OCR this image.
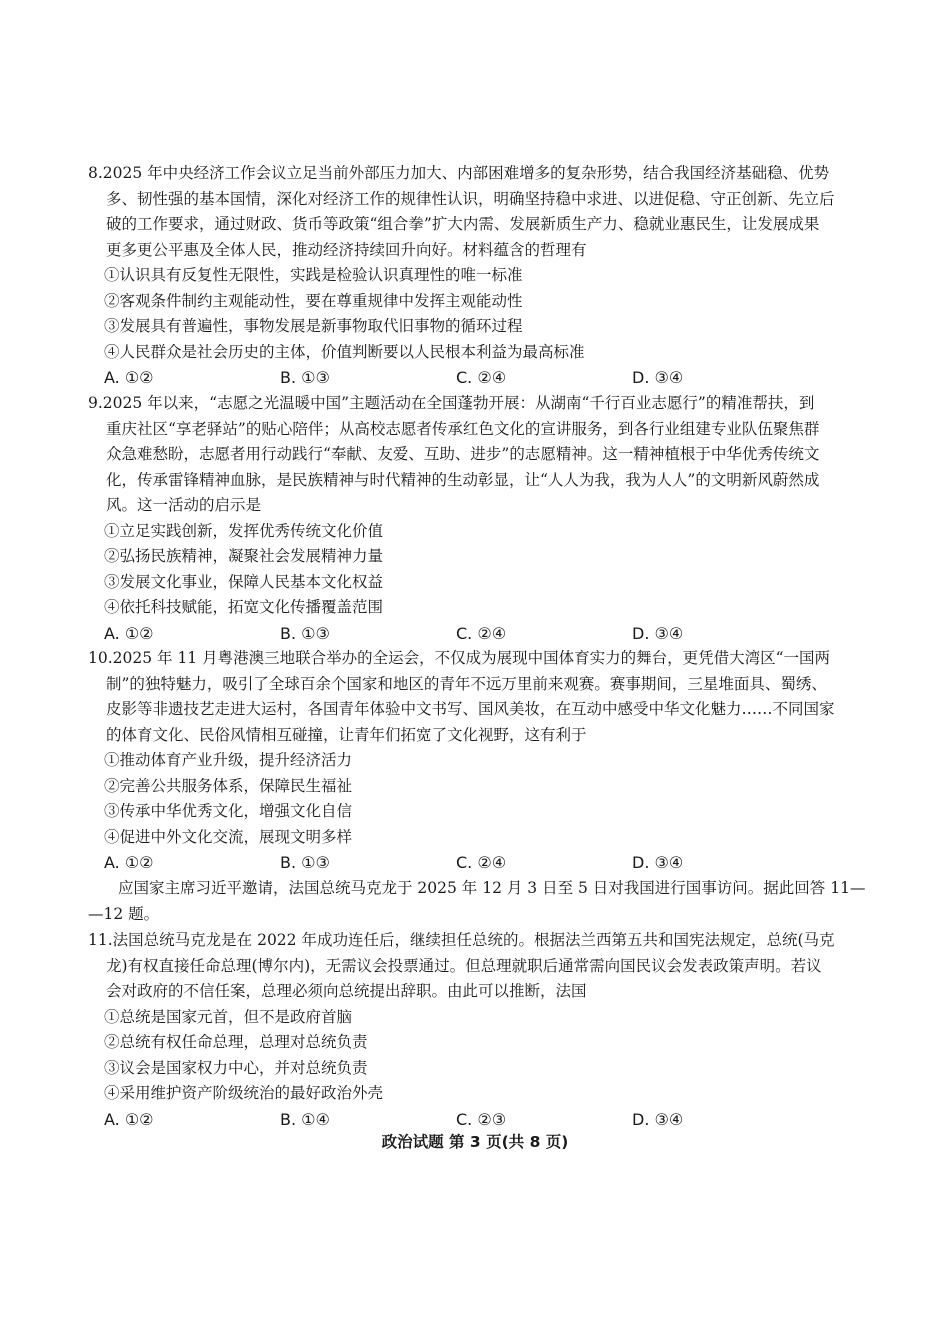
8.2025 年中央经济工作会议立足当前外部压力加大、内部困难增多的复杂形势，结合我国经济基础稳、优势
多、韧性强的基本国情，深化对经济工作的规律性认识，明确坚持稳中求进、以进促稳、守正创新、先立后
破的工作要求，通过财政、货币等政策“组合拳”扩大内需、发展新质生产力、稳就业惠民生，让发展成果
更多更公平惠及全体人民，推动经济持续回升向好。材料蕴含的哲理有
①认识具有反复性无限性，实践是检验认识真理性的唯一标准
②客观条件制约主观能动性，要在尊重规律中发挥主观能动性
③发展具有普遍性，事物发展是新事物取代旧事物的循环过程
④人民群众是社会历史的主体，价值判断要以人民根本利益为最高标准
A. ①②	B. ①③	C. ②④	D. ③④
9.2025 年以来，“志愿之光温暖中国”主题活动在全国蓬勃开展：从湖南“千行百业志愿行”的精准帮扶，到
重庆社区“享老驿站”的贴心陪伴；从高校志愿者传承红色文化的宣讲服务，到各行业组建专业队伍聚焦群
众急难愁盼，志愿者用行动践行“奉献、友爱、互助、进步”的志愿精神。这一精神植根于中华优秀传统文
化，传承雷锋精神血脉，是民族精神与时代精神的生动彰显，让“人人为我，我为人人”的文明新风蔚然成
风。这一活动的启示是
①立足实践创新，发挥优秀传统文化价值
②弘扬民族精神，凝聚社会发展精神力量
③发展文化事业，保障人民基本文化权益
④依托科技赋能，拓宽文化传播覆盖范围
A. ①②	B. ①③	C. ②④	D. ③④
10.2025 年 11 月粤港澳三地联合举办的全运会，不仅成为展现中国体育实力的舞台，更凭借大湾区“一国两
制”的独特魅力，吸引了全球百余个国家和地区的青年不远万里前来观赛。赛事期间，三星堆面具、蜀绣、
皮影等非遗技艺走进大运村，各国青年体验中文书写、国风美妆，在互动中感受中华文化魅力……不同国家
的体育文化、民俗风情相互碰撞，让青年们拓宽了文化视野，这有利于
①推动体育产业升级，提升经济活力
②完善公共服务体系，保障民生福祉
③传承中华优秀文化，增强文化自信
④促进中外文化交流，展现文明多样
A. ①②	B. ①③	C. ②④	D. ③④
应国家主席习近平邀请，法国总统马克龙于 2025 年 12 月 3 日至 5 日对我国进行国事访问。据此回答 11—
—12 题。
11.法国总统马克龙是在 2022 年成功连任后，继续担任总统的。根据法兰西第五共和国宪法规定，总统(马克
龙)有权直接任命总理(博尔内)，无需议会投票通过。但总理就职后通常需向国民议会发表政策声明。若议
会对政府的不信任案，总理必须向总统提出辞职。由此可以推断，法国
①总统是国家元首，但不是政府首脑
②总统有权任命总理，总理对总统负责
③议会是国家权力中心，并对总统负责
④采用维护资产阶级统治的最好政治外壳
A. ①②	B. ①④	C. ②③	D. ③④
政治试题 第 3 页(共 8 页)
